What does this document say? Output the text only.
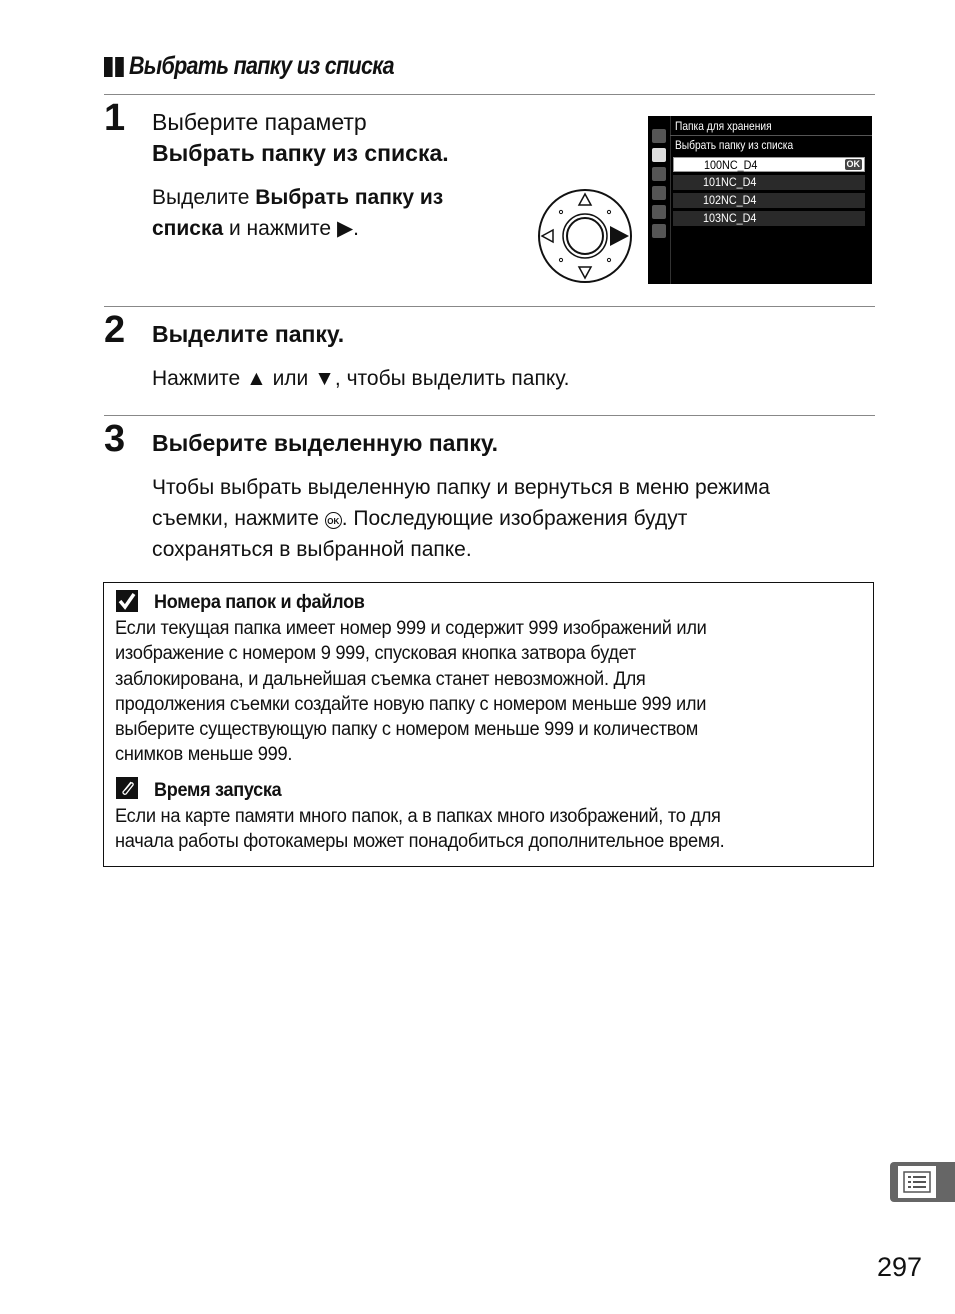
Выбрать папку из списка
1 Выберите параметр
Выбрать папку из списка.
Выделите Выбрать папку из
списка и нажмите ▶.
Папка для хранения
Выбрать папку из списка
100NC_D4	OK
101NC_D4
102NC_D4
103NC_D4
2 Выделите папку.
Нажмите ▲ или ▼, чтобы выделить папку.
3 Выберите выделенную папку.
Чтобы выбрать выделенную папку и вернуться в меню режима
съемки, нажмите OK . Последующие изображения будут
сохраняться в выбранной папке.
Номера папок и файлов
Если текущая папка имеет номер 999 и содержит 999 изображений или
изображение с номером 9 999, спусковая кнопка затвора будет
заблокирована, и дальнейшая съемка станет невозможной. Для
продолжения съемки создайте новую папку с номером меньше 999 или
выберите существующую папку с номером меньше 999 и количеством
снимков меньше 999.
Время запуска
Если на карте памяти много папок, а в папках много изображений, то для
начала работы фотокамеры может понадобиться дополнительное время.
297
